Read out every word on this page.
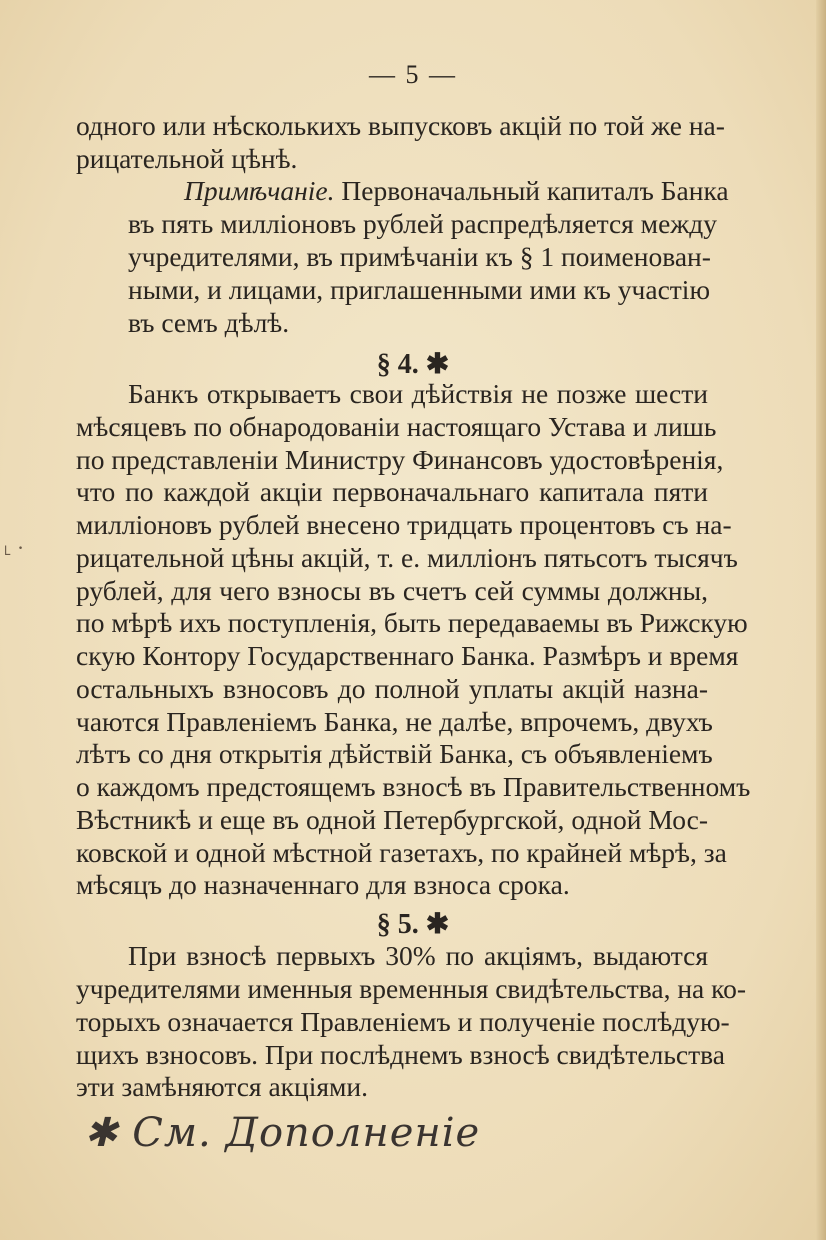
˪ ·
— 5 —
одного или нѣсколькихъ выпусковъ акцій по той же на-
рицательной цѣнѣ.
Примѣчаніе. Первоначальный капиталъ Банка
въ пять милліоновъ рублей распредѣляется между
учредителями, въ примѣчаніи къ § 1 поименован-
ными, и лицами, приглашенными ими къ участію
въ семъ дѣлѣ.
§ 4. ✱
Банкъ открываетъ свои дѣйствія не позже шести
мѣсяцевъ по обнародованіи настоящаго Устава и лишь
по представленіи Министру Финансовъ удостовѣренія,
что по каждой акціи первоначальнаго капитала пяти
милліоновъ рублей внесено тридцать процентовъ съ на-
рицательной цѣны акцій, т. е. милліонъ пятьсотъ тысячъ
рублей, для чего взносы въ счетъ сей суммы должны,
по мѣрѣ ихъ поступленія, быть передаваемы въ Рижскую
скую Контору Государственнаго Банка. Размѣръ и время
остальныхъ взносовъ до полной уплаты акцій назна-
чаются Правленіемъ Банка, не далѣе, впрочемъ, двухъ
лѣтъ со дня открытія дѣйствій Банка, съ объявленіемъ
о каждомъ предстоящемъ взносѣ въ Правительственномъ
Вѣстникѣ и еще въ одной Петербургской, одной Мос-
ковской и одной мѣстной газетахъ, по крайней мѣрѣ, за
мѣсяцъ до назначеннаго для взноса срока.
§ 5. ✱
При взносѣ первыхъ 30% по акціямъ, выдаются
учредителями именныя временныя свидѣтельства, на ко-
торыхъ означается Правленіемъ и полученіе послѣдую-
щихъ взносовъ. При послѣднемъ взносѣ свидѣтельства
эти замѣняются акціями.
✱ См. Дополненіе
